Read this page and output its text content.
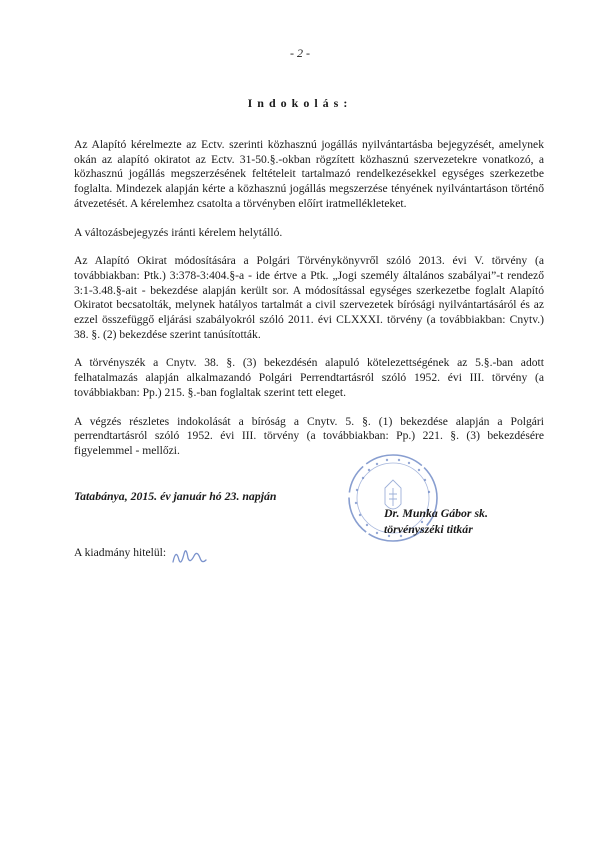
- 2 -
Indokolás:

Az Alapító kérelmezte az Ectv. szerinti közhasznú jogállás nyilvántartásba bejegyzését, amelynek okán az alapító okiratot az Ectv. 31-50.§.-okban rögzített közhasznú szervezetekre vonatkozó, a közhasznú jogállás megszerzésének feltételeit tartalmazó rendelkezésekkel egységes szerkezetbe foglalta. Mindezek alapján kérte a közhasznú jogállás megszerzése tényének nyilvántartáson történő átvezetését. A kérelemhez csatolta a törvényben előírt iratmellékleteket.

A változásbejegyzés iránti kérelem helytálló.

Az Alapító Okirat módosítására a Polgári Törvénykönyvről szóló 2013. évi V. törvény (a továbbiakban: Ptk.) 3:378-3:404.§-a - ide értve a Ptk. „Jogi személy általános szabályai”-t rendező 3:1-3.48.§-ait - bekezdése alapján került sor. A módosítással egységes szerkezetbe foglalt Alapító Okiratot becsatolták, melynek hatályos tartalmát a civil szervezetek bírósági nyilvántartásáról és az ezzel összefüggő eljárási szabályokról szóló 2011. évi CLXXXI. törvény (a továbbiakban: Cnytv.) 38. §. (2) bekezdése szerint tanúsították.

A törvényszék a Cnytv. 38. §. (3) bekezdésén alapuló kötelezettségének az 5.§.-ban adott felhatalmazás alapján alkalmazandó Polgári Perrendtartásról szóló 1952. évi III. törvény (a továbbiakban: Pp.) 215. §.-ban foglaltak szerint tett eleget.

A végzés részletes indokolását a bíróság a Cnytv. 5. §. (1) bekezdése alapján a Polgári perrendtartásról szóló 1952. évi III. törvény (a továbbiakban: Pp.) 221. §. (3) bekezdésére figyelemmel - mellőzi.

Tatabánya, 2015. év január hó 23. napján
Dr. Munka Gábor sk.
törvényszéki titkár
A kiadmány hitelül:
